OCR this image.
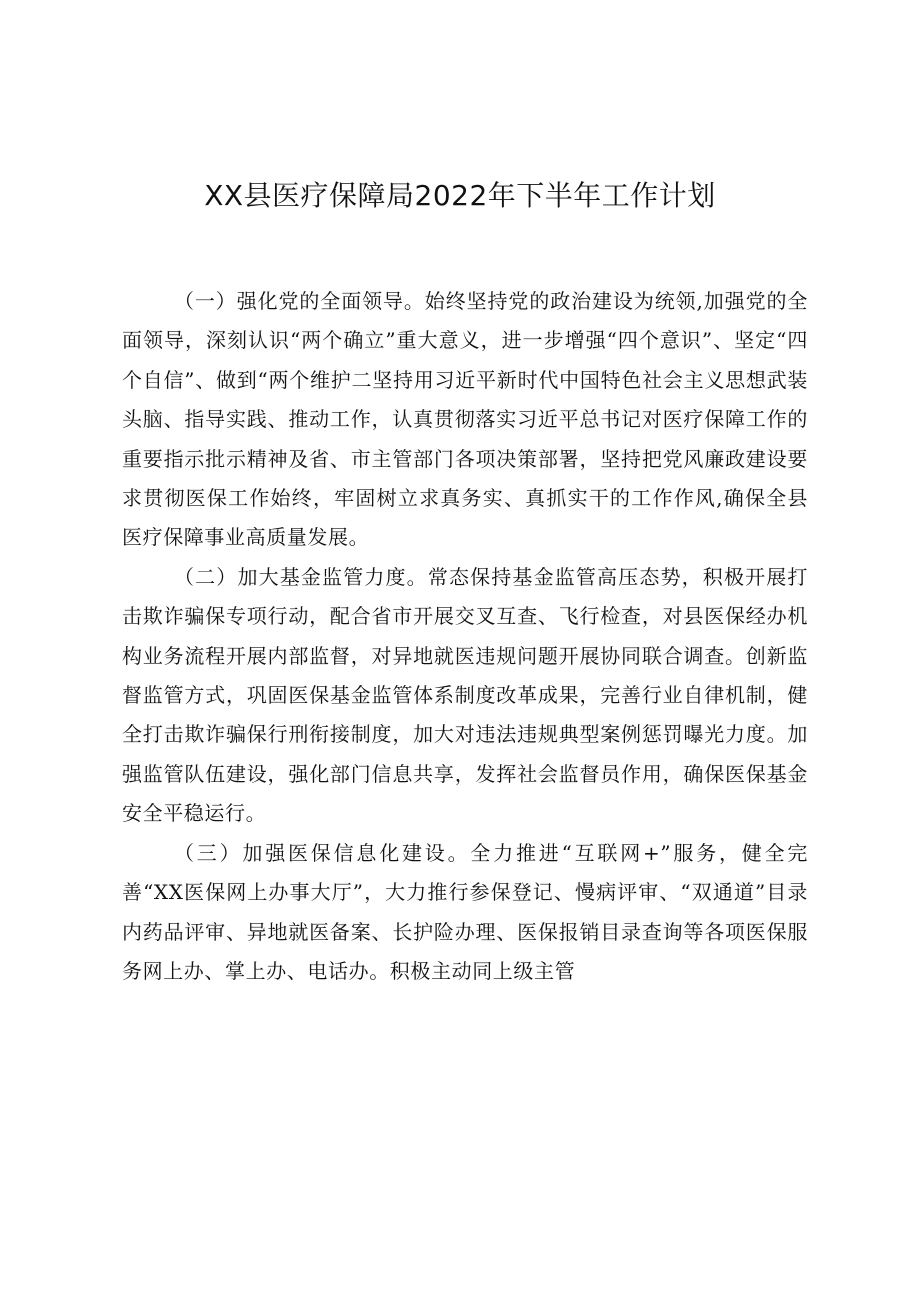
XX县医疗保障局2022年下半年工作计划

（一）强化党的全面领导。始终坚持党的政治建设为统领,加强党的全面领导，深刻认识“两个确立”重大意义，进一步增强“四个意识”、坚定“四个自信”、做到“两个维护二坚持用习近平新时代中国特色社会主义思想武装头脑、指导实践、推动工作，认真贯彻落实习近平总书记对医疗保障工作的重要指示批示精神及省、市主管部门各项决策部署，坚持把党风廉政建设要求贯彻医保工作始终，牢固树立求真务实、真抓实干的工作作风,确保全县医疗保障事业高质量发展。

（二）加大基金监管力度。常态保持基金监管高压态势，积极开展打击欺诈骗保专项行动，配合省市开展交叉互查、飞行检查，对县医保经办机构业务流程开展内部监督，对异地就医违规问题开展协同联合调查。创新监督监管方式，巩固医保基金监管体系制度改革成果，完善行业自律机制，健全打击欺诈骗保行刑衔接制度，加大对违法违规典型案例惩罚曝光力度。加强监管队伍建设，强化部门信息共享，发挥社会监督员作用，确保医保基金安全平稳运行。

（三）加强医保信息化建设。全力推进“互联网+”服务，健全完善“XX医保网上办事大厅”，大力推行参保登记、慢病评审、“双通道”目录内药品评审、异地就医备案、长护险办理、医保报销目录查询等各项医保服务网上办、掌上办、电话办。积极主动同上级主管
